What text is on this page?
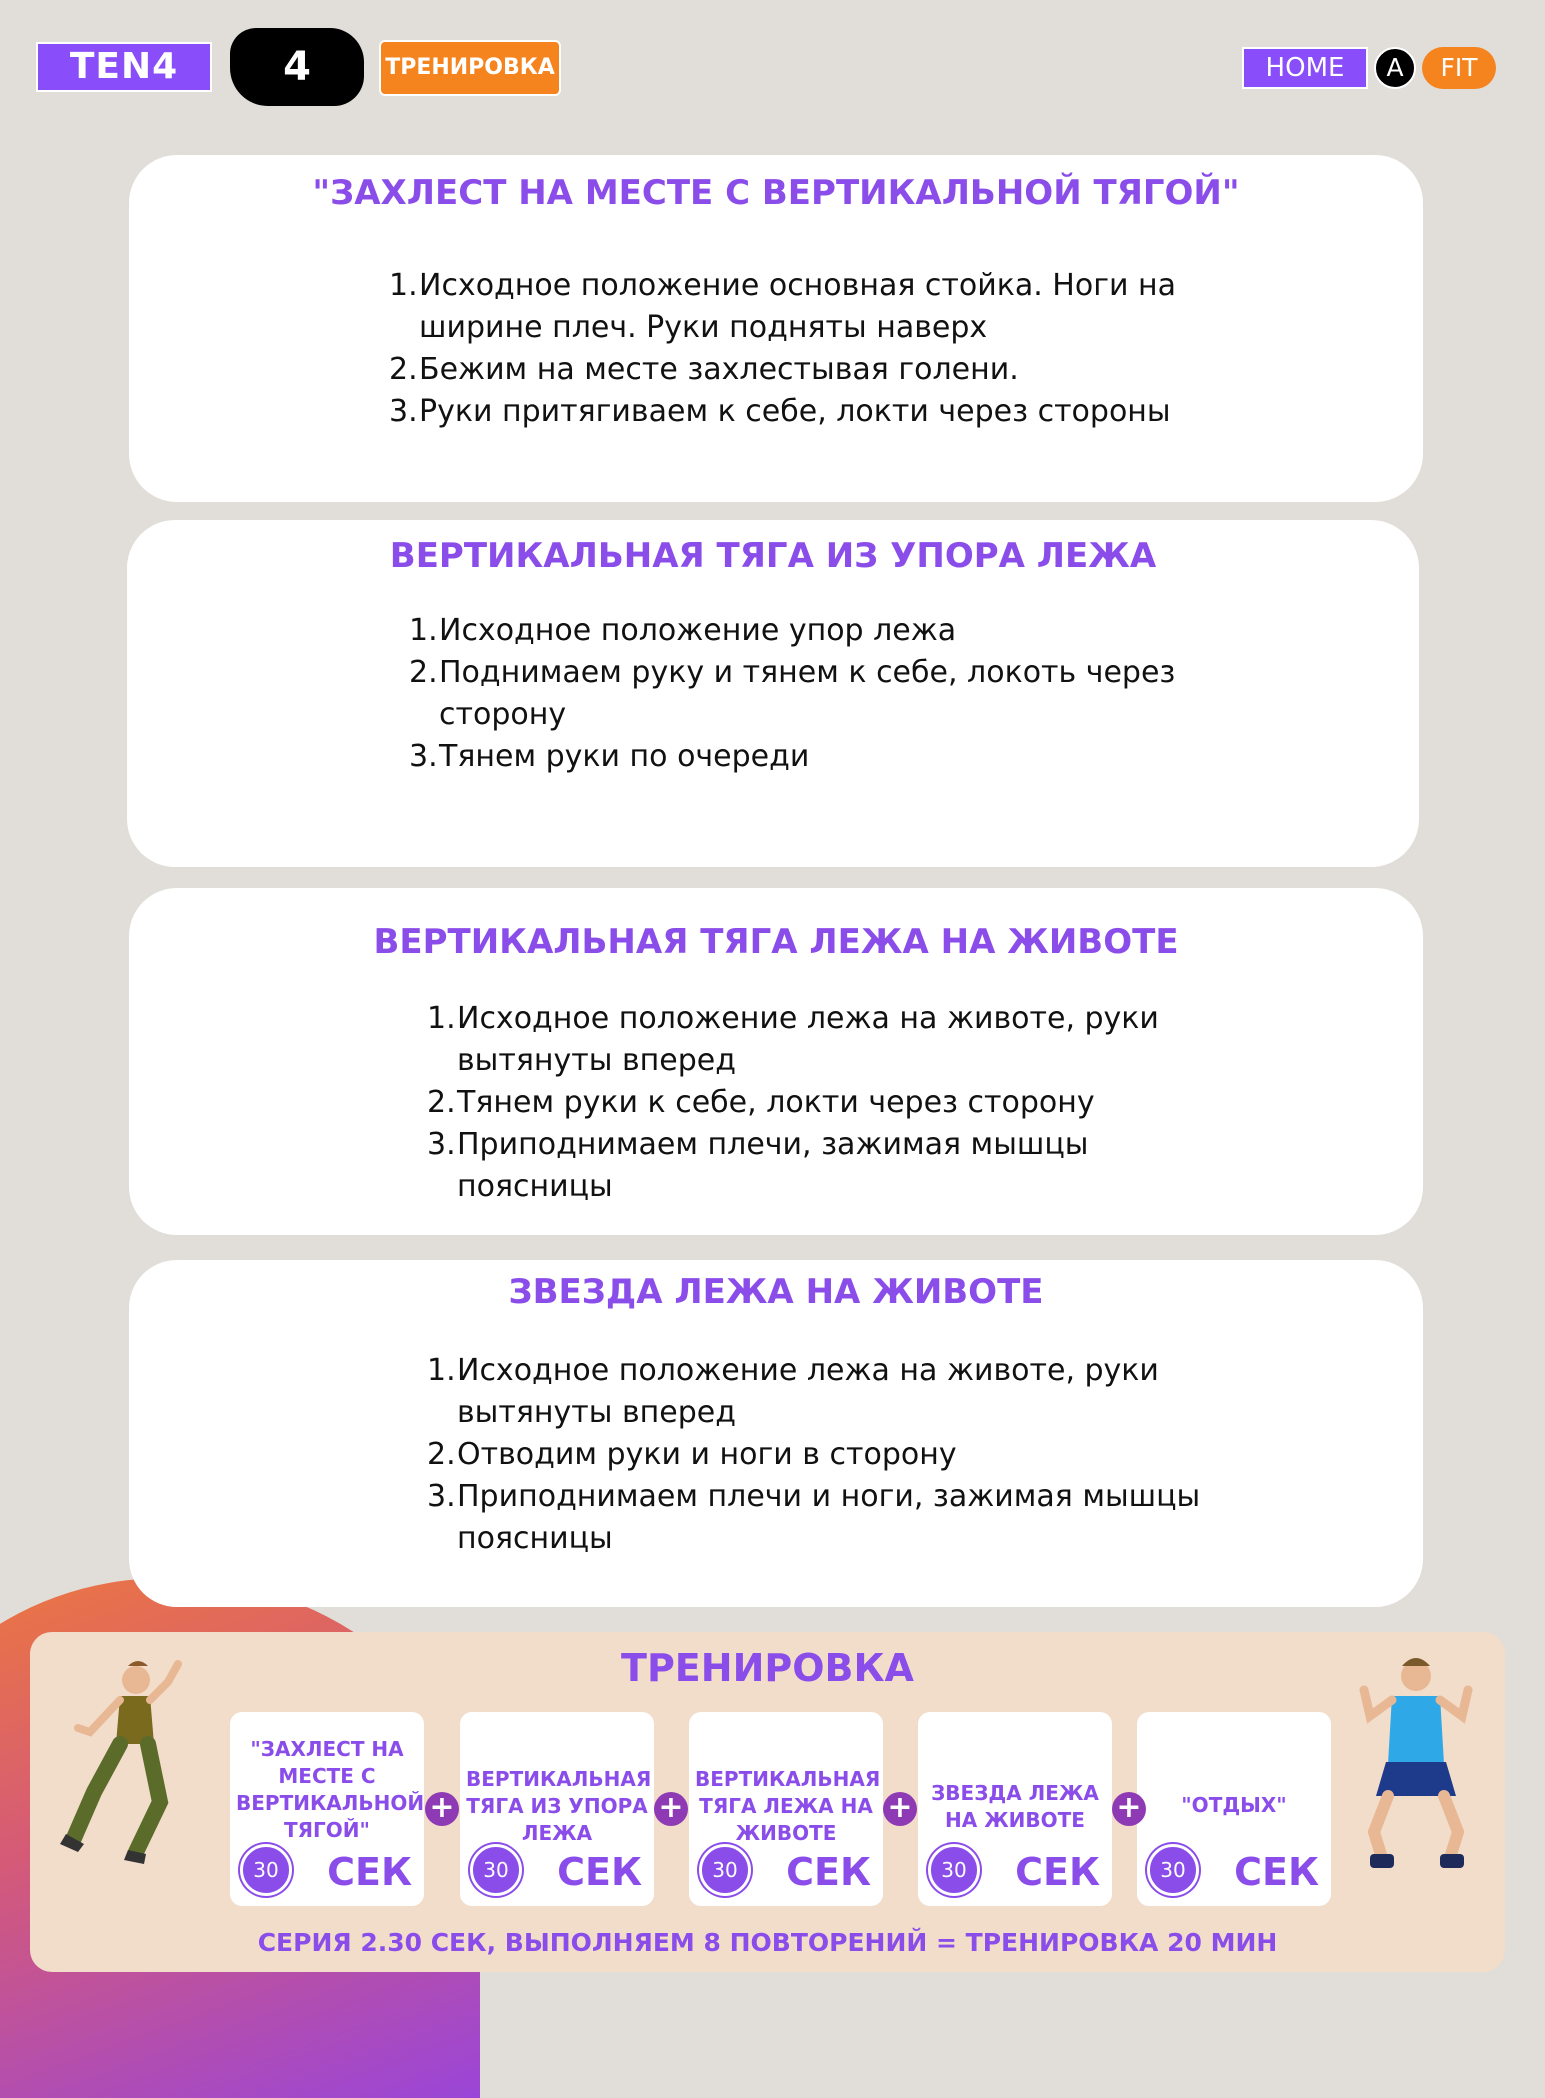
TEN4	4	ТРЕНИРОВКА	HOME	A	FIT
"ЗАХЛЕСТ НА МЕСТЕ С ВЕРТИКАЛЬНОЙ ТЯГОЙ"
1. Исходное положение основная стойка. Ноги на
ширине плеч. Руки подняты наверх
2. Бежим на месте захлестывая голени.
3. Руки притягиваем к себе, локти через стороны
ВЕРТИКАЛЬНАЯ ТЯГА ИЗ УПОРА ЛЕЖА
1. Исходное положение упор лежа
2. Поднимаем руку и тянем к себе, локоть через
сторону
3. Тянем руки по очереди
ВЕРТИКАЛЬНАЯ ТЯГА ЛЕЖА НА ЖИВОТЕ
1. Исходное положение лежа на животе, руки
вытянуты вперед
2. Тянем руки к себе, локти через сторону
3. Приподнимаем плечи, зажимая мышцы
поясницы
ЗВЕЗДА ЛЕЖА НА ЖИВОТЕ
1. Исходное положение лежа на животе, руки
вытянуты вперед
2. Отводим руки и ноги в сторону
3. Приподнимаем плечи и ноги, зажимая мышцы
поясницы
ТРЕНИРОВКА
"ЗАХЛЕСТ НА
МЕСТЕ С
ВЕРТИКАЛЬНОЙ
ТЯГОЙ"
30	СЕК
+
ВЕРТИКАЛЬНАЯ
ТЯГА ИЗ УПОРА
ЛЕЖА
30	СЕК
+
ВЕРТИКАЛЬНАЯ
ТЯГА ЛЕЖА НА
ЖИВОТЕ
30	СЕК
+ ЗВЕЗДА ЛЕЖА
НА ЖИВОТЕ
30	СЕК
+	"ОТДЫХ"
30	СЕК
СЕРИЯ 2.30 СЕК, ВЫПОЛНЯЕМ 8 ПОВТОРЕНИЙ = ТРЕНИРОВКА 20 МИН
